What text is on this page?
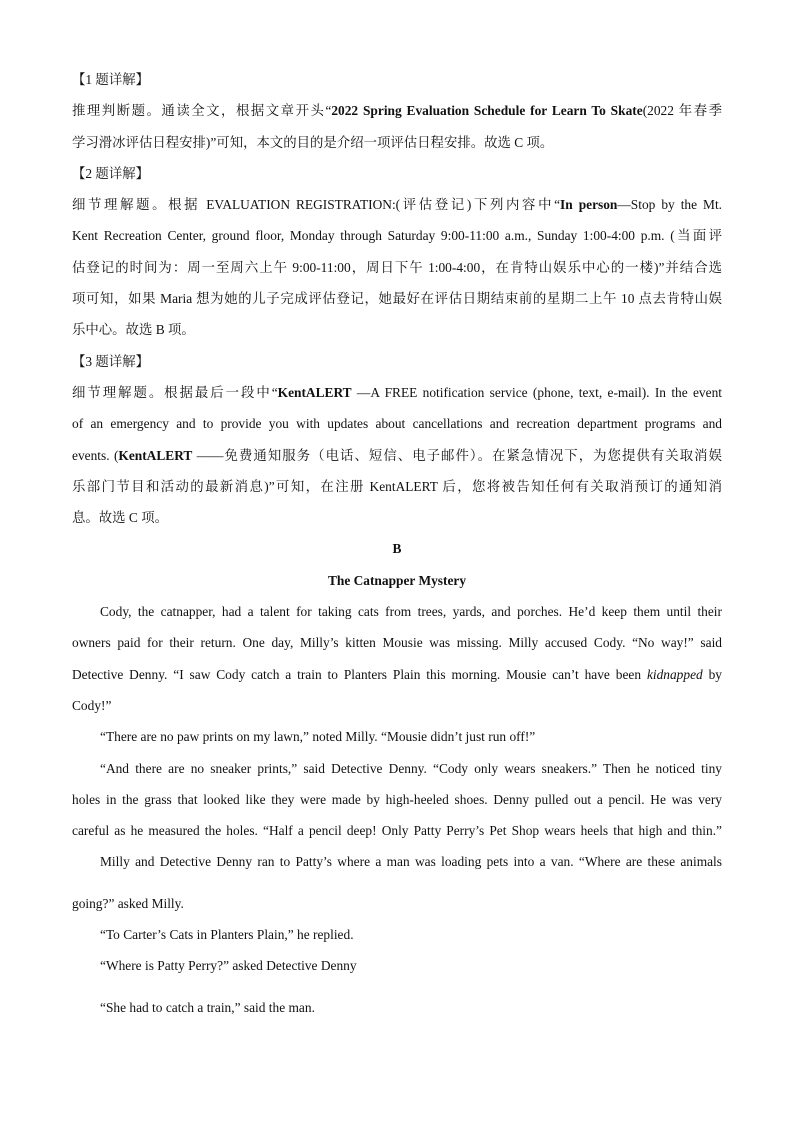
【1 题详解】
推理判断题。通读全文，根据文章开头“2022 Spring Evaluation Schedule for Learn To Skate(2022 年春季
学习滑冰评估日程安排)”可知，本文的目的是介绍一项评估日程安排。故选 C 项。
【2 题详解】
细节理解题。根据 EVALUATION REGISTRATION:(评估登记)下列内容中“In person—Stop by the Mt.
Kent Recreation Center, ground floor, Monday through Saturday 9:00-11:00 a.m., Sunday 1:00-4:00 p.m. (当面评
估登记的时间为：周一至周六上午 9:00-11:00，周日下午 1:00-4:00，在肯特山娱乐中心的一楼)”并结合选
项可知，如果 Maria 想为她的儿子完成评估登记，她最好在评估日期结束前的星期二上午 10 点去肯特山娱
乐中心。故选 B 项。
【3 题详解】
细节理解题。根据最后一段中“KentALERT —A FREE notification service (phone, text, e-mail). In the event
of an emergency and to provide you with updates about cancellations and recreation department programs and
events. (KentALERT ——免费通知服务（电话、短信、电子邮件）。在紧急情况下，为您提供有关取消娱
乐部门节目和活动的最新消息)”可知，在注册 KentALERT 后，您将被告知任何有关取消预订的通知消
息。故选 C 项。
B
The Catnapper Mystery
Cody, the catnapper, had a talent for taking cats from trees, yards, and porches. He’d keep them until their
owners paid for their return. One day, Milly’s kitten Mousie was missing. Milly accused Cody. “No way!” said
Detective Denny. “I saw Cody catch a train to Planters Plain this morning. Mousie can’t have been kidnapped by
Cody!”
“There are no paw prints on my lawn,” noted Milly. “Mousie didn’t just run off!”
“And there are no sneaker prints,” said Detective Denny. “Cody only wears sneakers.” Then he noticed tiny
holes in the grass that looked like they were made by high-heeled shoes. Denny pulled out a pencil. He was very
careful as he measured the holes. “Half a pencil deep! Only Patty Perry’s Pet Shop wears heels that high and thin.”
Milly and Detective Denny ran to Patty’s where a man was loading pets into a van. “Where are these animals
going?” asked Milly.
“To Carter’s Cats in Planters Plain,” he replied.
“Where is Patty Perry?” asked Detective Denny
“She had to catch a train,” said the man.
